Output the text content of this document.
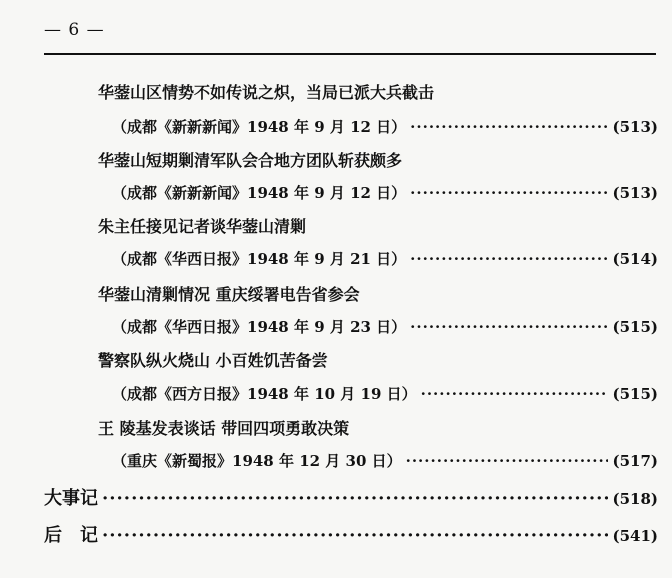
— 6 —
华蓥山区情势不如传说之炽，当局已派大兵截击
（成都《新新新闻》1948 年 9 月 12 日） ·····	(513)
华蓥山短期剿清军队会合地方团队斩获颇多
（成都《新新新闻》1948 年 9 月 12 日） ·····	(513)
朱主任接见记者谈华蓥山清剿
（成都《华西日报》1948 年 9 月 21 日） ·····	(514)
华蓥山清剿情况 重庆绥署电告省参会
（成都《华西日报》1948 年 9 月 23 日） ·····	(515)
警察队纵火烧山 小百姓饥苦备尝
（成都《西方日报》1948 年 10 月 19 日） ·····	(515)
王 陵基发表谈话 带回四项勇敢决策
（重庆《新蜀报》1948 年 12 月 30 日） ·····	(517)
大事记 ·····	(518)
后　记 ·····	(541)
